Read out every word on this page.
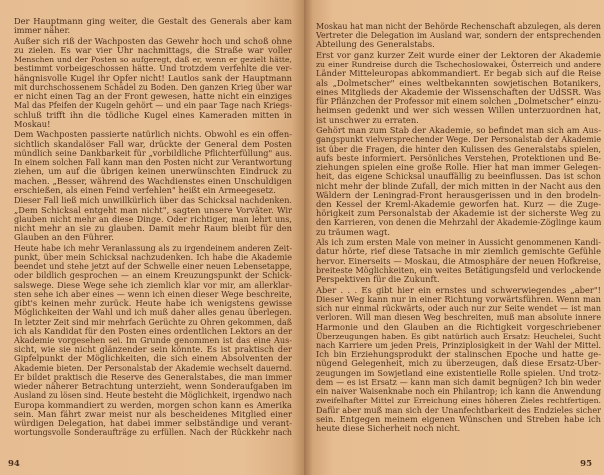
Der Hauptmann ging weiter, die Gestalt des Generals aber kam
immer näher.
Außer sich riß der Wachposten das Gewehr hoch und schoß ohne
zu zielen. Es war vier Uhr nachmittags, die Straße war voller
Menschen und der Posten so aufgeregt, daß er, wenn er gezielt hätte,
bestimmt vorbeigeschossen hätte. Und trotzdem verfehlte die ver-
hängnisvolle Kugel ihr Opfer nicht! Lautlos sank der Hauptmann
mit durchschossenem Schädel zu Boden. Den ganzen Krieg über war
er nicht einen Tag an der Front gewesen, hatte nicht ein einziges
Mal das Pfeifen der Kugeln gehört — und ein paar Tage nach Kriegs-
schluß trifft ihn die tödliche Kugel eines Kameraden mitten in
Moskau!
Dem Wachposten passierte natürlich nichts. Obwohl es ein offen-
sichtlich skandalöser Fall war, drückte der General dem Posten
mündlich seine Dankbarkeit für „vorbildliche Pflichterfüllung" aus.
In einem solchen Fall kann man den Posten nicht zur Verantwortung
ziehen, um auf die übrigen keinen unerwünschten Eindruck zu
machen. „Besser, während des Wachdienstes einen Unschuldigen
erschießen, als einen Feind verfehlen" heißt ein Armeegesetz.
Dieser Fall ließ mich unwillkürlich über das Schicksal nachdenken.
„Dem Schicksal entgeht man nicht", sagten unsere Vorväter. Wir
glauben nicht mehr an diese Dinge. Oder richtiger, man lehrt uns,
nicht mehr an sie zu glauben. Damit mehr Raum bleibt für den
Glauben an den Führer.
Heute habe ich mehr Veranlassung als zu irgendeinem anderen Zeit-
punkt, über mein Schicksal nachzudenken. Ich habe die Akademie
beendet und stehe jetzt auf der Schwelle einer neuen Lebensetappe,
oder bildlich gesprochen — an einem Kreuzungspunkt der Schick-
salswege. Diese Wege sehe ich ziemlich klar vor mir, am allerklar-
sten sehe ich aber eines — wenn ich einen dieser Wege beschreite,
gibt's keinen mehr zurück. Heute habe ich wenigstens gewisse
Möglichkeiten der Wahl und ich muß daher alles genau überlegen.
In letzter Zeit sind mir mehrfach Gerüchte zu Ohren gekommen, daß
ich als Kandidat für den Posten eines ordentlichen Lektors an der
Akademie vorgesehen sei. Im Grunde genommen ist das eine Aus-
sicht, wie sie nicht glänzender sein könnte. Es ist praktisch der
Gipfelpunkt der Möglichkeiten, die sich einem Absolventen der
Akademie bieten. Der Personalstab der Akademie wechselt dauernd.
Er bildet praktisch die Reserve des Generalstabes, die man immer
wieder näherer Betrachtung unterzieht, wenn Sonderaufgaben im
Ausland zu lösen sind. Heute besteht die Möglichkeit, irgendwo nach
Europa kommandiert zu werden, morgen schon kann es Amerika
sein. Man fährt zwar meist nur als bescheidenes Mitglied einer
würdigen Delegation, hat dabei immer selbständige und verant-
wortungsvolle Sonderaufträge zu erfüllen. Nach der Rückkehr nach
94
Moskau hat man nicht der Behörde Rechenschaft abzulegen, als deren
Vertreter die Delegation im Ausland war, sondern der entsprechenden
Abteilung des Generalstabs.
Erst vor ganz kurzer Zeit wurde einer der Lektoren der Akademie
zu einer Rundreise durch die Tschechoslowakei, Österreich und andere
Länder Mitteleuropas abkommandiert. Er begab sich auf die Reise
als „Dolmetscher" eines weltbekannten sowjetischen Botanikers,
eines Mitglieds der Akademie der Wissenschaften der UdSSR. Was
für Pflänzchen der Professor mit einem solchen „Dolmetscher" einzu-
heimsen gedenkt und wer sich wessen Willen unterzuordnen hat,
ist unschwer zu erraten.
Gehört man zum Stab der Akademie, so befindet man sich am Aus-
gangspunkt vielversprechender Wege. Der Personalstab der Akademie
ist über die Fragen, die hinter den Kulissen des Generalstabs spielen,
aufs beste informiert. Persönliches Verstehen, Protektionen und Be-
ziehungen spielen eine große Rolle. Hier hat man immer Gelegen-
heit, das eigene Schicksal unauffällig zu beeinflussen. Das ist schon
nicht mehr der blinde Zufall, der mich mitten in der Nacht aus den
Wäldern der Leningrad-Front herausgerissen und in den brodeln-
den Kessel der Kreml-Akademie geworfen hat. Kurz — die Zuge-
hörigkeit zum Personalstab der Akademie ist der sicherste Weg zu
den Karrieren, von denen die Mehrzahl der Akademie-Zöglinge kaum
zu träumen wagt.
Als ich zum ersten Male von meiner in Aussicht genommenen Kandi-
datur hörte, rief diese Tatsache in mir ziemlich gemischte Gefühle
hervor. Einerseits — Moskau, die Atmosphäre der neuen Hofkreise,
breiteste Möglichkeiten, ein weites Betätigungsfeld und verlockende
Perspektiven für die Zukunft.
Aber . . . Es gibt hier ein ernstes und schwerwiegendes „aber"!
Dieser Weg kann nur in einer Richtung vorwärtsführen. Wenn man
sich nur einmal rückwärts, oder auch nur zur Seite wendet — ist man
verloren. Will man diesen Weg beschreiten, muß man absolute innere
Harmonie und den Glauben an die Richtigkeit vorgeschriebener
Überzeugungen haben. Es gibt natürlich auch Ersatz: Heuchelei, Sucht
nach Karriere um jeden Preis, Prinziplosigkeit in der Wahl der Mittel.
Ich bin Erziehungsprodukt der stalinschen Epoche und hatte ge-
nügend Gelegenheit, mich zu überzeugen, daß diese Ersatz-Über-
zeugungen im Sowjetland eine existentielle Rolle spielen. Und trotz-
dem — es ist Ersatz — kann man sich damit begnügen? Ich bin weder
ein naiver Waisenknabe noch ein Philantrop; ich kann die Anwendung
zweifelhafter Mittel zur Erreichung eines höheren Zieles rechtfertigen.
Dafür aber muß man sich der Unanfechtbarkeit des Endzieles sicher
sein. Entgegen meinem eigenen Wünschen und Streben habe ich
heute diese Sicherheit noch nicht.
95
